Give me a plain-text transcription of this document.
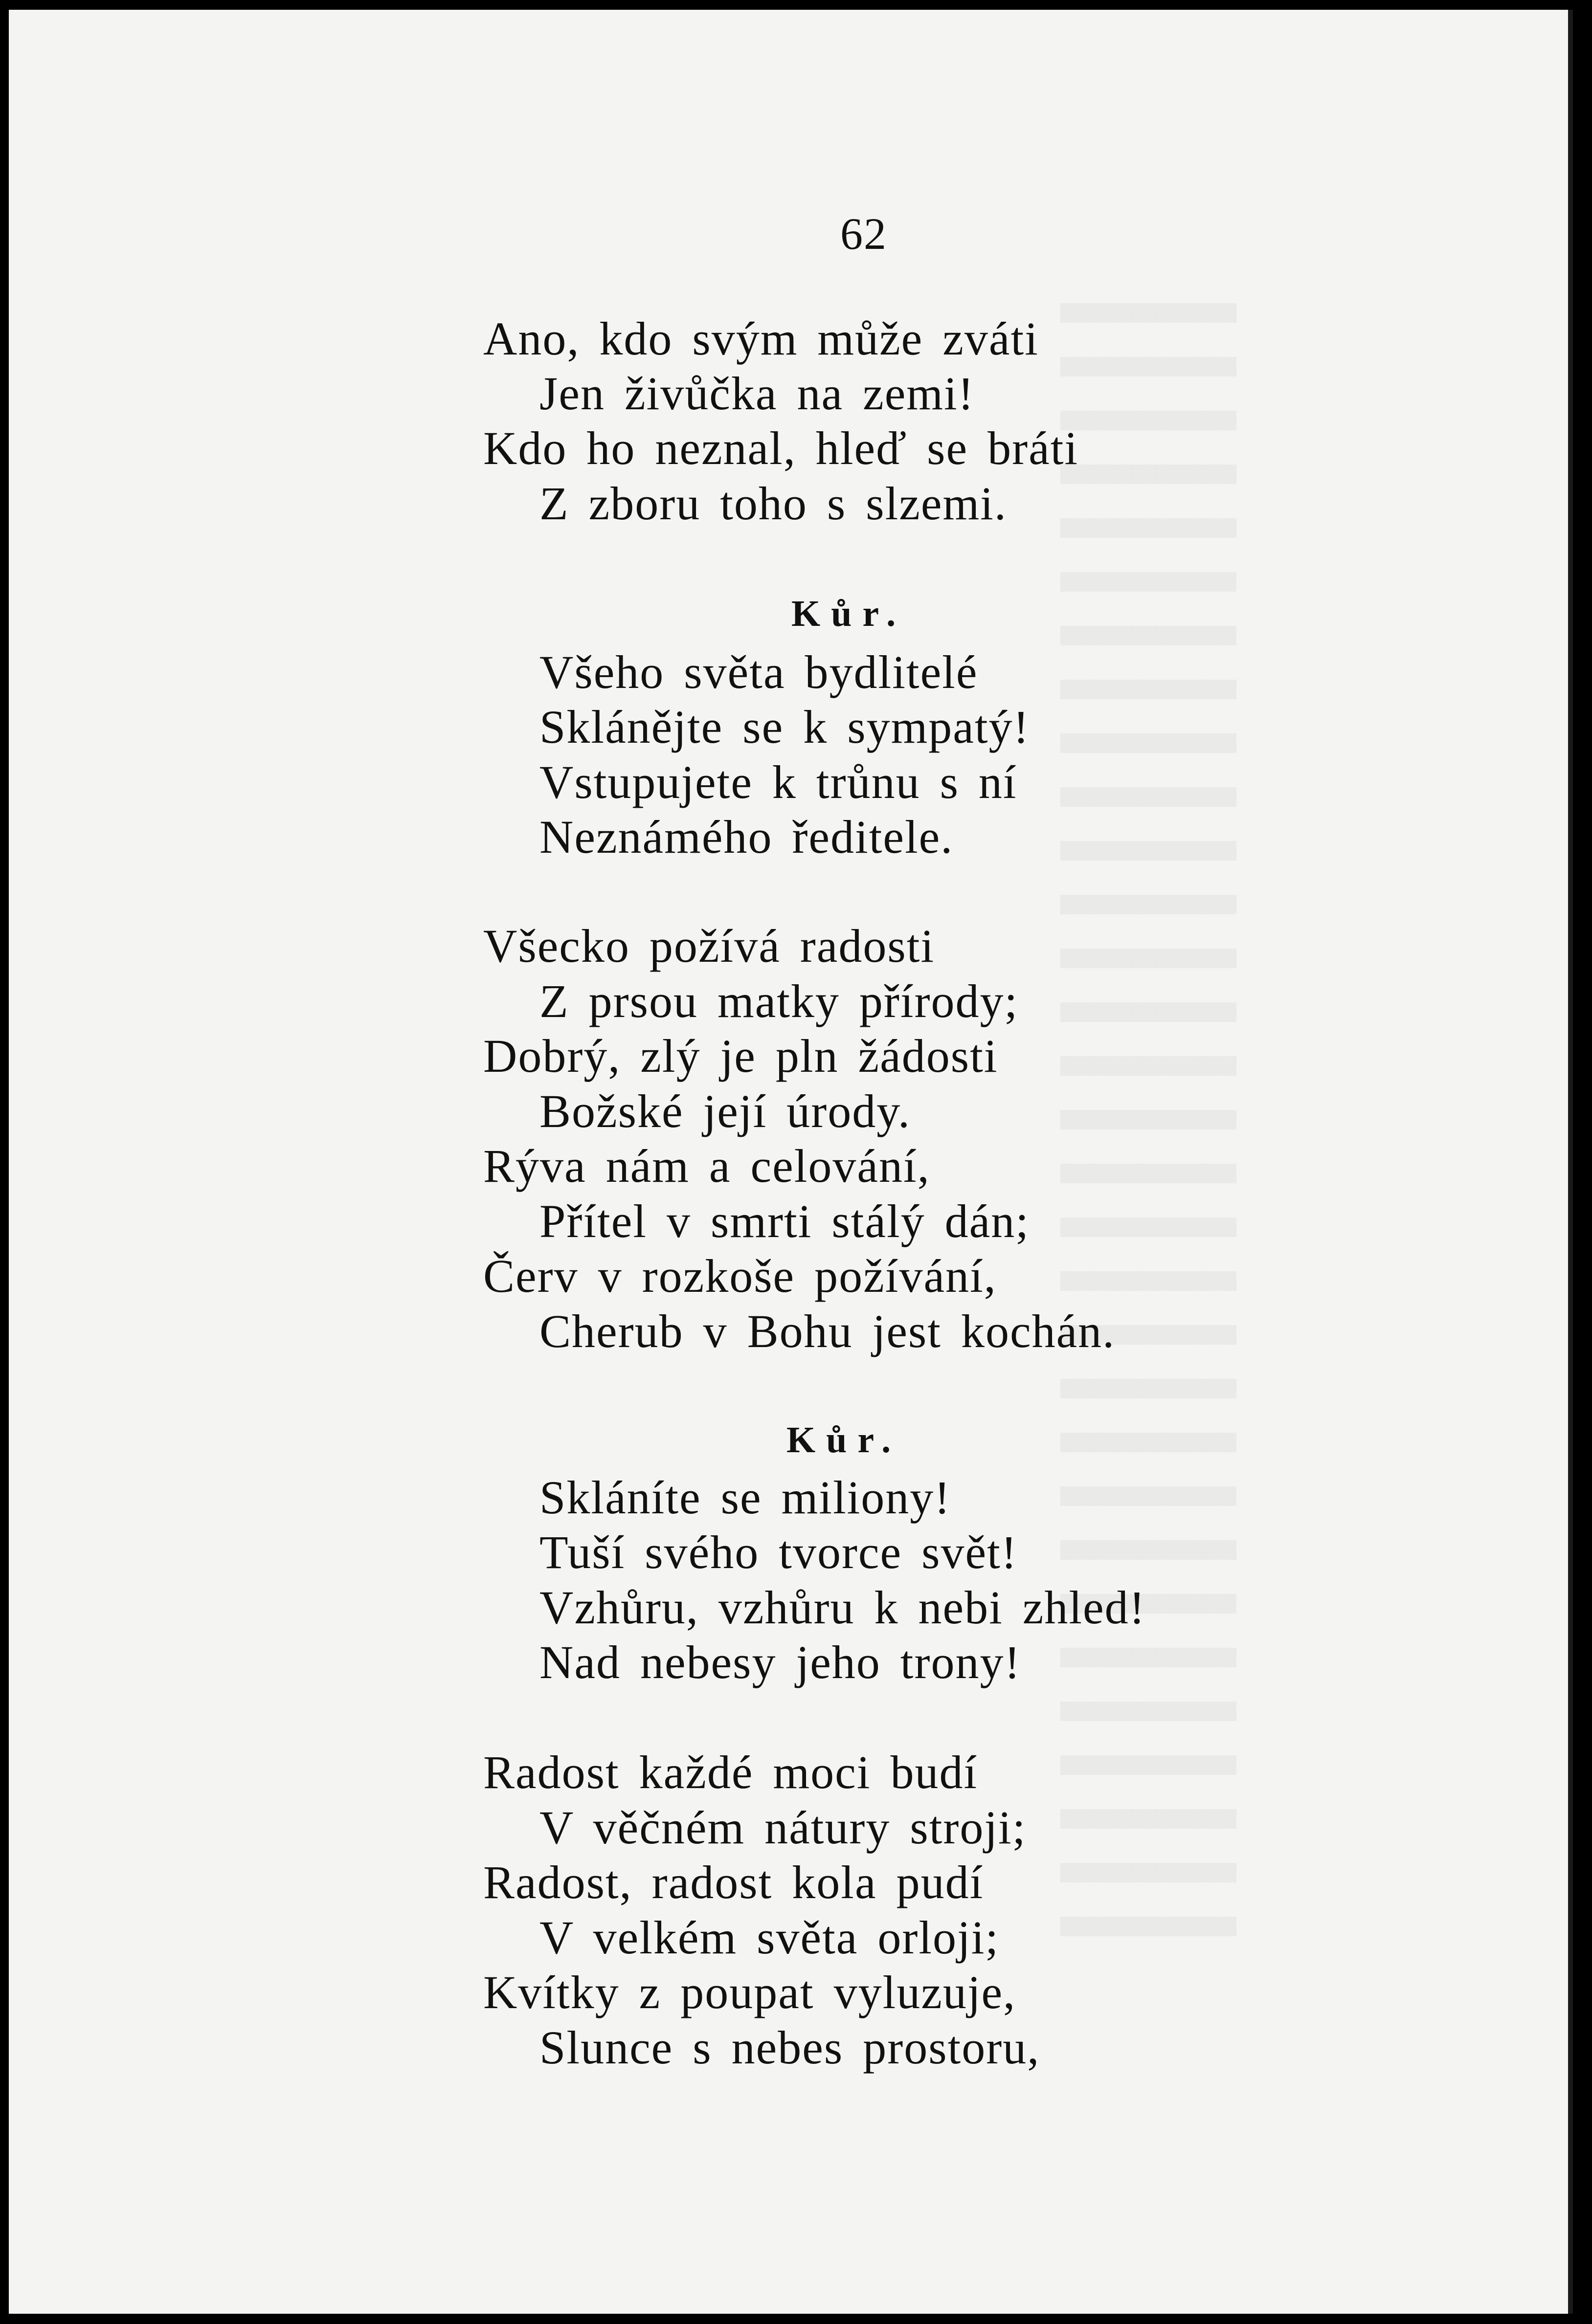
62
Ano, kdo svým může zváti
Jen živůčka na zemi!
Kdo ho neznal, hleď se bráti
Z zboru toho s slzemi.
Kůr.
Všeho světa bydlitelé
Sklánějte se k sympatý!
Vstupujete k trůnu s ní
Neznámého ředitele.
Všecko požívá radosti
Z prsou matky přírody;
Dobrý, zlý je pln žádosti
Božské její úrody.
Rýva nám a celování,
Přítel v smrti stálý dán;
Červ v rozkoše požívání,
Cherub v Bohu jest kochán.
Kůr.
Skláníte se miliony!
Tuší svého tvorce svět!
Vzhůru, vzhůru k nebi zhled!
Nad nebesy jeho trony!
Radost každé moci budí
V věčném nátury stroji;
Radost, radost kola pudí
V velkém světa orloji;
Kvítky z poupat vyluzuje,
Slunce s nebes prostoru,
